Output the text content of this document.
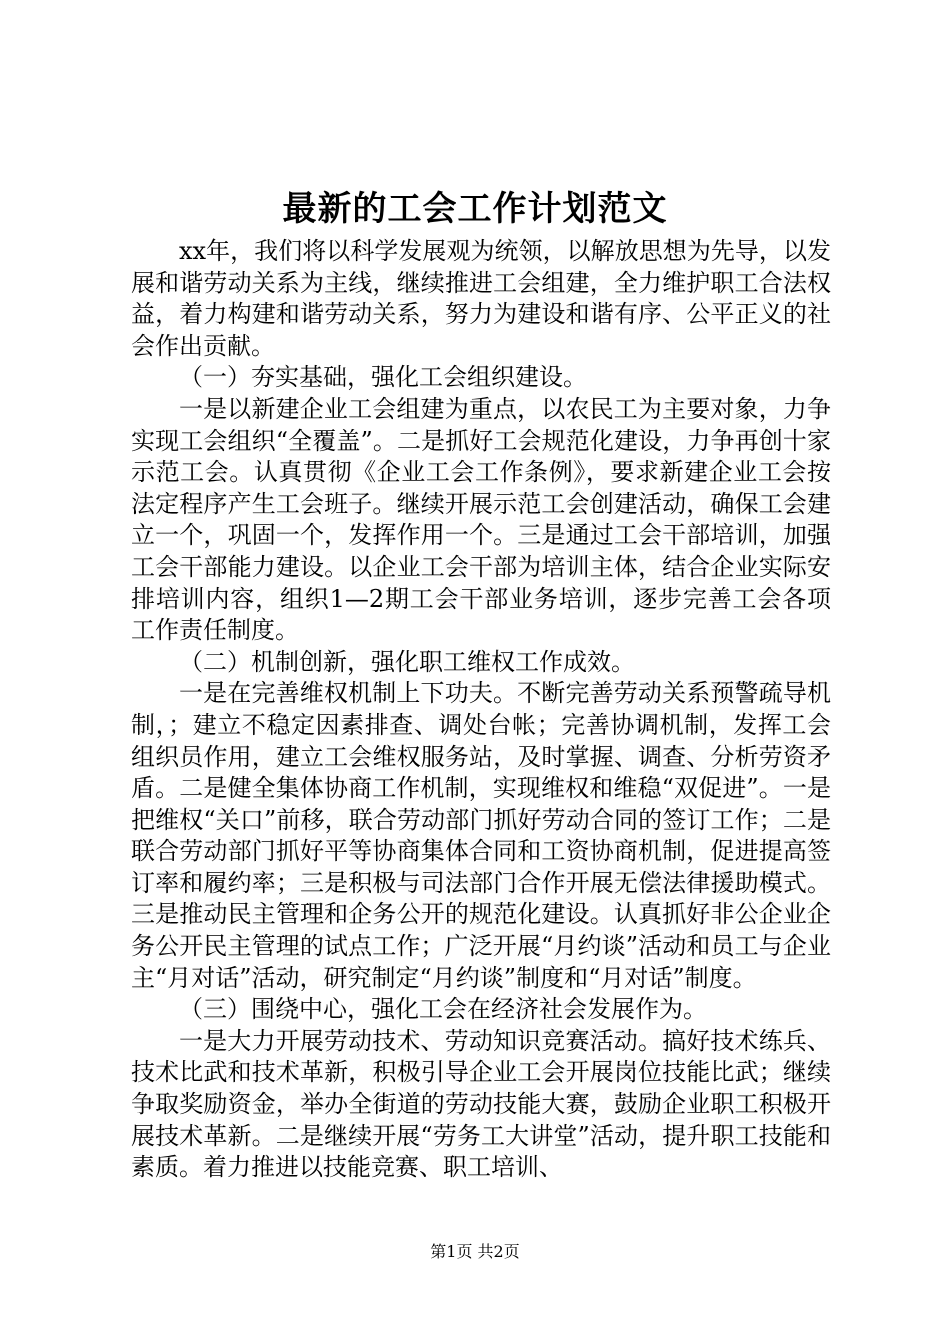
最新的工会工作计划范文

xx年，我们将以科学发展观为统领，以解放思想为先导，以发展和谐劳动关系为主线，继续推进工会组建，全力维护职工合法权益，着力构建和谐劳动关系，努力为建设和谐有序、公平正义的社会作出贡献。

（一）夯实基础，强化工会组织建设。

一是以新建企业工会组建为重点，以农民工为主要对象，力争实现工会组织“全覆盖”。二是抓好工会规范化建设，力争再创十家示范工会。认真贯彻《企业工会工作条例》，要求新建企业工会按法定程序产生工会班子。继续开展示范工会创建活动，确保工会建立一个，巩固一个，发挥作用一个。三是通过工会干部培训，加强工会干部能力建设。以企业工会干部为培训主体，结合企业实际安排培训内容，组织1—2期工会干部业务培训，逐步完善工会各项工作责任制度。

（二）机制创新，强化职工维权工作成效。

一是在完善维权机制上下功夫。不断完善劳动关系预警疏导机制，；建立不稳定因素排查、调处台帐；完善协调机制，发挥工会组织员作用，建立工会维权服务站，及时掌握、调查、分析劳资矛盾。二是健全集体协商工作机制，实现维权和维稳“双促进”。一是把维权“关口”前移，联合劳动部门抓好劳动合同的签订工作；二是联合劳动部门抓好平等协商集体合同和工资协商机制，促进提高签订率和履约率；三是积极与司法部门合作开展无偿法律援助模式。三是推动民主管理和企务公开的规范化建设。认真抓好非公企业企务公开民主管理的试点工作；广泛开展“月约谈”活动和员工与企业主“月对话”活动，研究制定“月约谈”制度和“月对话”制度。

（三）围绕中心，强化工会在经济社会发展作为。

一是大力开展劳动技术、劳动知识竞赛活动。搞好技术练兵、技术比武和技术革新，积极引导企业工会开展岗位技能比武；继续争取奖励资金，举办全街道的劳动技能大赛，鼓励企业职工积极开展技术革新。二是继续开展“劳务工大讲堂”活动，提升职工技能和素质。着力推进以技能竞赛、职工培训、

第1页 共2页
